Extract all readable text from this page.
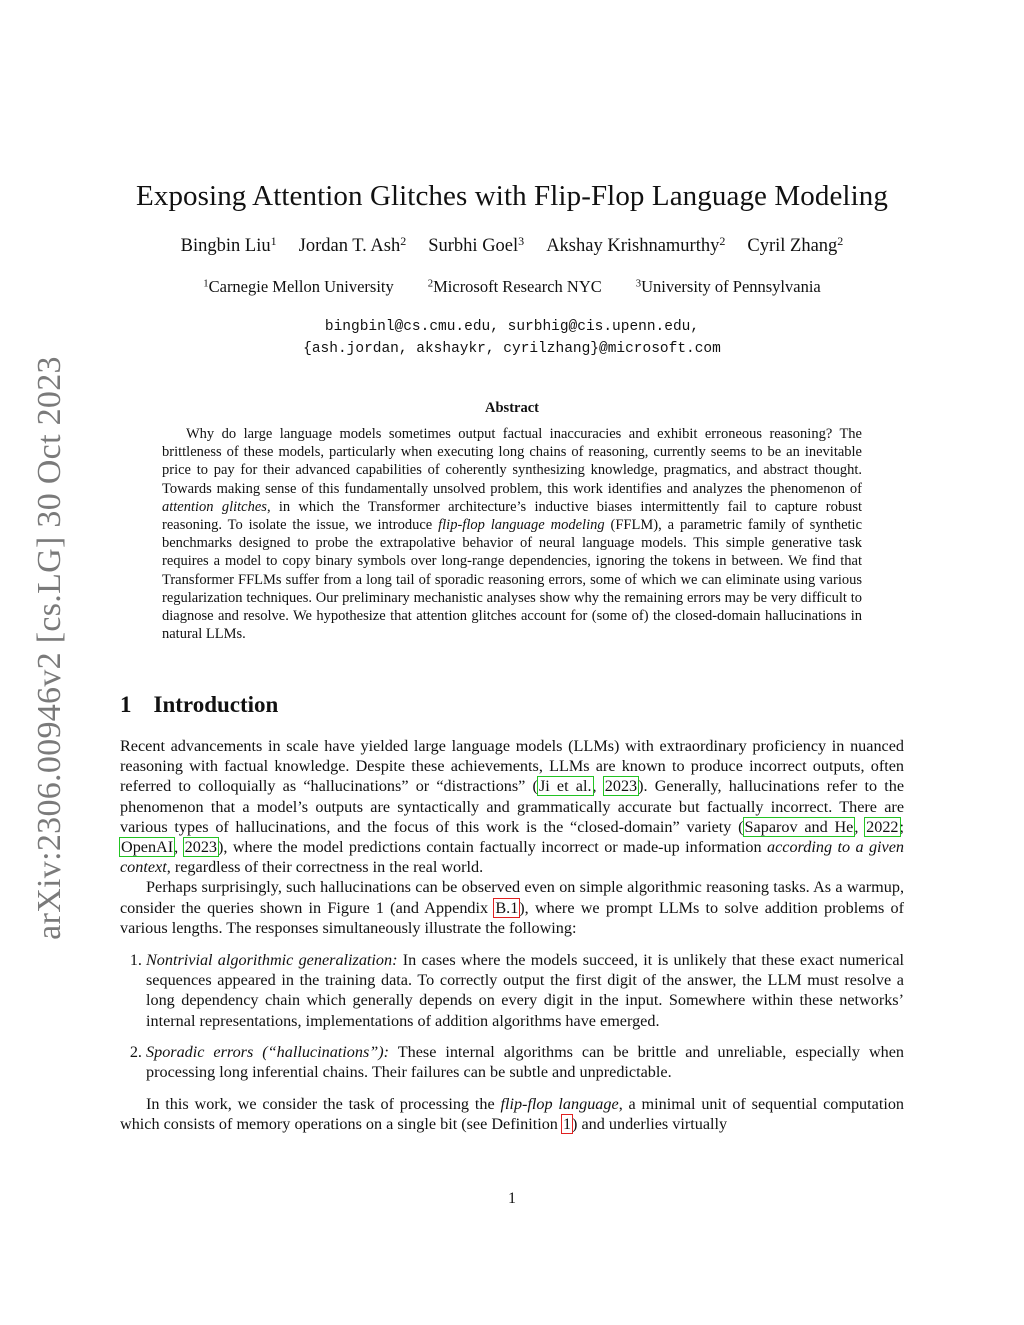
arXiv:2306.00946v2 [cs.LG] 30 Oct 2023
Exposing Attention Glitches with Flip-Flop Language Modeling
Bingbin Liu$^1$ Jordan T. Ash$^2$ Surbhi Goel$^3$ Akshay Krishnamurthy$^2$ Cyril Zhang$^2$
$^1$Carnegie Mellon University	$^2$Microsoft Research NYC	$^3$University of Pennsylvania
bingbinl@cs.cmu.edu, surbhig@cis.upenn.edu,
{ash.jordan, akshaykr, cyrilzhang}@microsoft.com
Abstract

Why do large language models sometimes output factual inaccuracies and exhibit erroneous reasoning? The brittleness of these models, particularly when executing long chains of reasoning, currently seems to be an inevitable price to pay for their advanced capabilities of coherently synthesizing knowledge, pragmatics, and abstract thought. Towards making sense of this fundamentally unsolved problem, this work identifies and analyzes the phenomenon of attention glitches, in which the Transformer architecture’s inductive biases intermittently fail to capture robust reasoning. To isolate the issue, we introduce flip-flop language modeling (FFLM), a parametric family of synthetic benchmarks designed to probe the extrapolative behavior of neural language models. This simple generative task requires a model to copy binary symbols over long-range dependencies, ignoring the tokens in between. We find that Transformer FFLMs suffer from a long tail of sporadic reasoning errors, some of which we can eliminate using various regularization techniques. Our preliminary mechanistic analyses show why the remaining errors may be very difficult to diagnose and resolve. We hypothesize that attention glitches account for (some of) the closed-domain hallucinations in natural LLMs.

1 Introduction

Recent advancements in scale have yielded large language models (LLMs) with extraordinary proficiency in nuanced reasoning with factual knowledge. Despite these achievements, LLMs are known to produce incorrect outputs, often referred to colloquially as “hallucinations” or “distractions” (Ji et al., 2023). Generally, hallucinations refer to the phenomenon that a model’s outputs are syntactically and grammatically accurate but factually incorrect. There are various types of hallucinations, and the focus of this work is the “closed-domain” variety (Saparov and He, 2022; OpenAI, 2023), where the model predictions contain factually incorrect or made-up information according to a given context, regardless of their correctness in the real world.

Perhaps surprisingly, such hallucinations can be observed even on simple algorithmic reasoning tasks. As a warmup, consider the queries shown in Figure 1 (and Appendix B.1), where we prompt LLMs to solve addition problems of various lengths. The responses simultaneously illustrate the following:

1. Nontrivial algorithmic generalization: In cases where the models succeed, it is unlikely that these exact numerical sequences appeared in the training data. To correctly output the first digit of the answer, the LLM must resolve a long dependency chain which generally depends on every digit in the input. Somewhere within these networks’ internal representations, implementations of addition algorithms have emerged.
2. Sporadic errors (“hallucinations”): These internal algorithms can be brittle and unreliable, especially when processing long inferential chains. Their failures can be subtle and unpredictable.

In this work, we consider the task of processing the flip-flop language, a minimal unit of sequential computation which consists of memory operations on a single bit (see Definition 1) and underlies virtually

1
